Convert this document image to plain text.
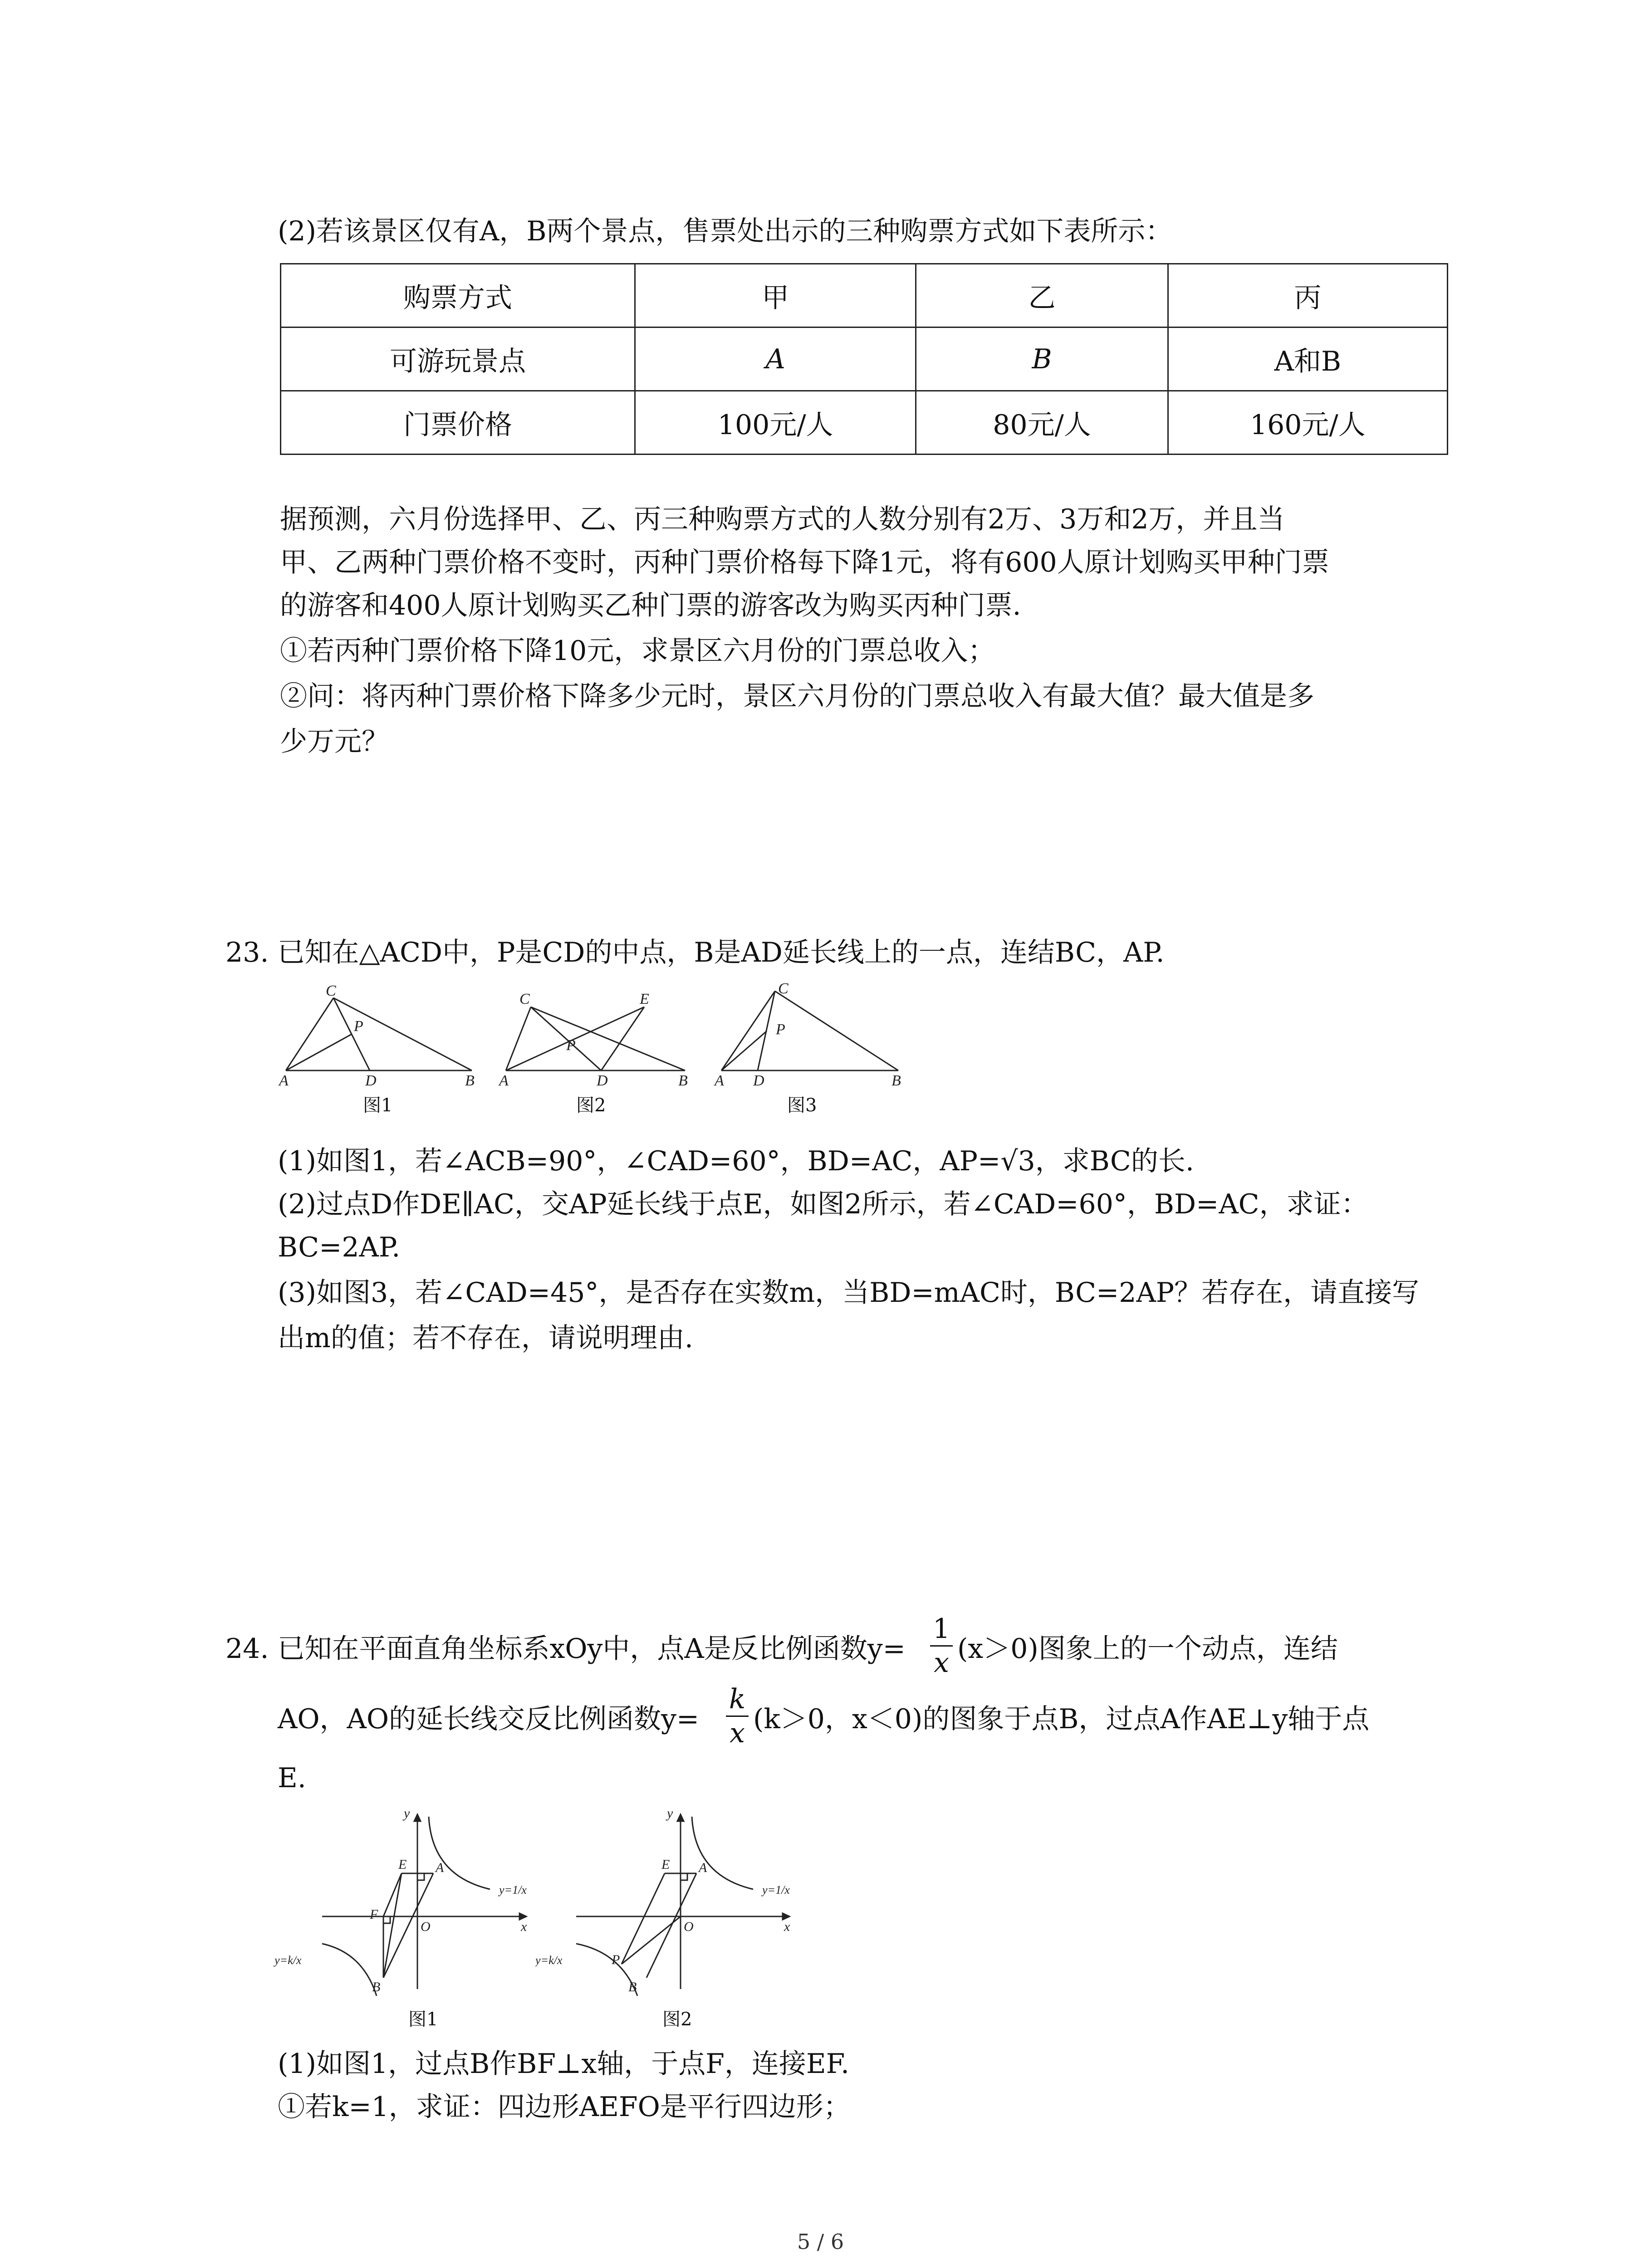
(2)若该景区仅有A，B两个景点，售票处出示的三种购票方式如下表所示：
购票方式	甲	乙	丙
可游玩景点	A	B	A和B
门票价格	100元/人	80元/人	160元/人
据预测，六月份选择甲、乙、丙三种购票方式的人数分别有2万、3万和2万，并且当
甲、乙两种门票价格不变时，丙种门票价格每下降1元，将有600人原计划购买甲种门票
的游客和400人原计划购买乙种门票的游客改为购买丙种门票.
①若丙种门票价格下降10元，求景区六月份的门票总收入；
②问：将丙种门票价格下降多少元时，景区六月份的门票总收入有最大值？最大值是多
少万元？
23. 已知在△ACD中，P是CD的中点，B是AD延长线上的一点，连结BC，AP.
C
P
A	D	B
图1
C	E
P
A	D	B
图2
C
P
A D	B
图3
(1)如图1，若∠ACB=90°，∠CAD=60°，BD=AC，AP=√3，求BC的长.
(2)过点D作DE∥AC，交AP延长线于点E，如图2所示，若∠CAD=60°，BD=AC，求证：
BC=2AP.
(3)如图3，若∠CAD=45°，是否存在实数m，当BD=mAC时，BC=2AP？若存在，请直接写
出m的值；若不存在，请说明理由.
24. 已知在平面直角坐标系xOy中，点A是反比例函数$y= \frac{1}{x} (x>0)$图象上的一个动点，连结
AO，AO的延长线交反比例函数$y= \frac{k}{x} (k>0$，x＜0)的图象于点B，过点A作AE⊥y轴于点
E.
y
E A
F
O	x
B
y=1/x
y=k/x
图1
y
E A
O	x
P
B
y=1/x
y=k/x
图2
(1)如图1，过点B作BF⊥x轴，于点F，连接EF.
①若k=1，求证：四边形AEFO是平行四边形；
5 / 6
